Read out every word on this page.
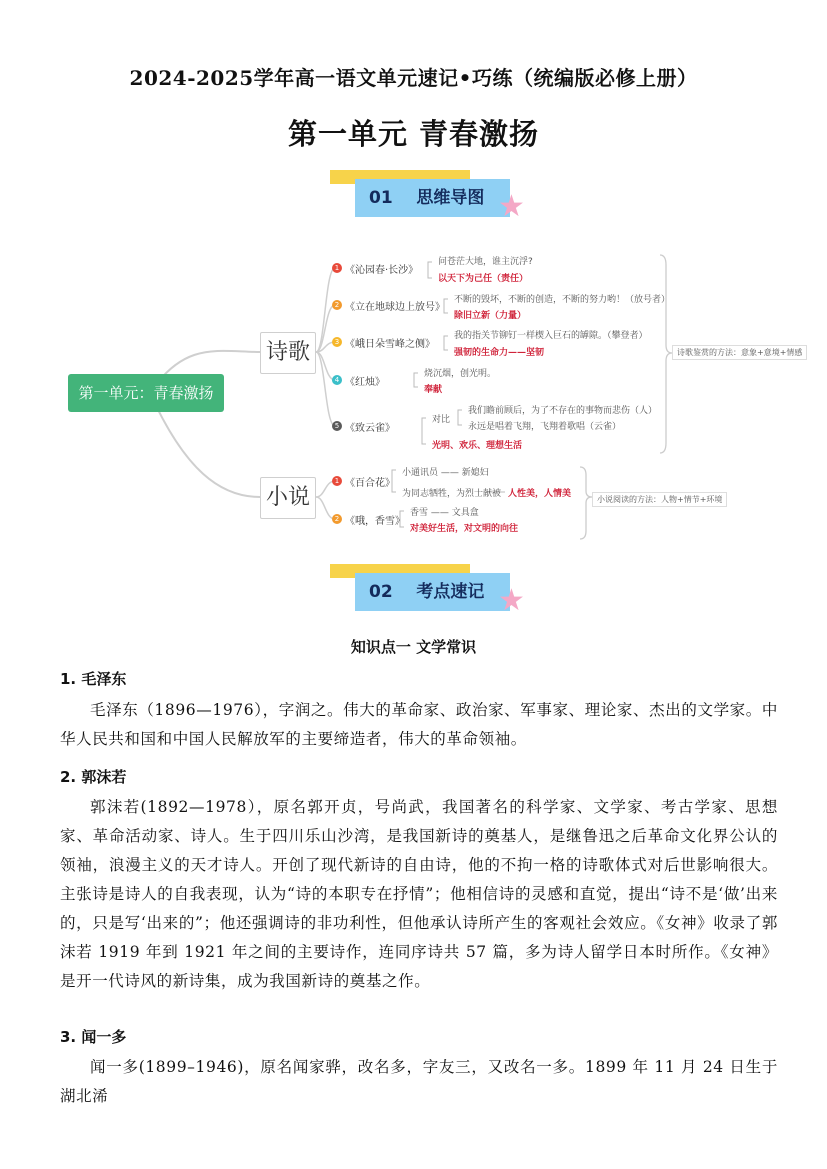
2024-2025学年高一语文单元速记•巧练（统编版必修上册）
第一单元 青春激扬
01 思维导图 ★
第一单元：青春激扬
诗歌
小说
1 《沁园春·长沙》
问苍茫大地，谁主沉浮?
以天下为己任（责任）
2 《立在地球边上放号》
不断的毁坏，不断的创造，不断的努力哟！（放号者）
除旧立新（力量）
3 《峨日朵雪峰之侧》
我的指关节铆钉一样楔入巨石的罅隙。（攀登者）
强韧的生命力——坚韧
4 《红烛》
烧沉烟，创光明。
奉献
5 《致云雀》
对比
我们瞻前顾后，为了不存在的事物而悲伤（人）
永远是唱着飞翔，飞翔着歌唱（云雀）
光明、欢乐、理想生活
诗歌鉴赏的方法：意象+意境+情感
1 《百合花》
小通讯员 —— 新媳妇
为同志牺牲，为烈士献被 人性美，人情美
2 《哦，香雪》
香雪 —— 文具盒
对美好生活，对文明的向往
小说阅读的方法：人物+情节+环境
02 考点速记 ★
知识点一 文学常识
1. 毛泽东
毛泽东（1896—1976），字润之。伟大的革命家、政治家、军事家、理论家、杰出的文学家。中华人民共和国和中国人民解放军的主要缔造者，伟大的革命领袖。
2. 郭沫若
郭沫若(1892—1978），原名郭开贞，号尚武，我国著名的科学家、文学家、考古学家、思想家、革命活动家、诗人。生于四川乐山沙湾，是我国新诗的奠基人，是继鲁迅之后革命文化界公认的领袖，浪漫主义的天才诗人。开创了现代新诗的自由诗，他的不拘一格的诗歌体式对后世影响很大。主张诗是诗人的自我表现，认为“诗的本职专在抒情”；他相信诗的灵感和直觉，提出“诗不是‘做’出来的，只是写‘出来的”；他还强调诗的非功利性，但他承认诗所产生的客观社会效应。《女神》收录了郭沫若 1919 年到 1921 年之间的主要诗作，连同序诗共 57 篇，多为诗人留学日本时所作。《女神》是开一代诗风的新诗集，成为我国新诗的奠基之作。
3. 闻一多
闻一多(1899–1946)，原名闻家骅，改名多，字友三，又改名一多。1899 年 11 月 24 日生于湖北浠
